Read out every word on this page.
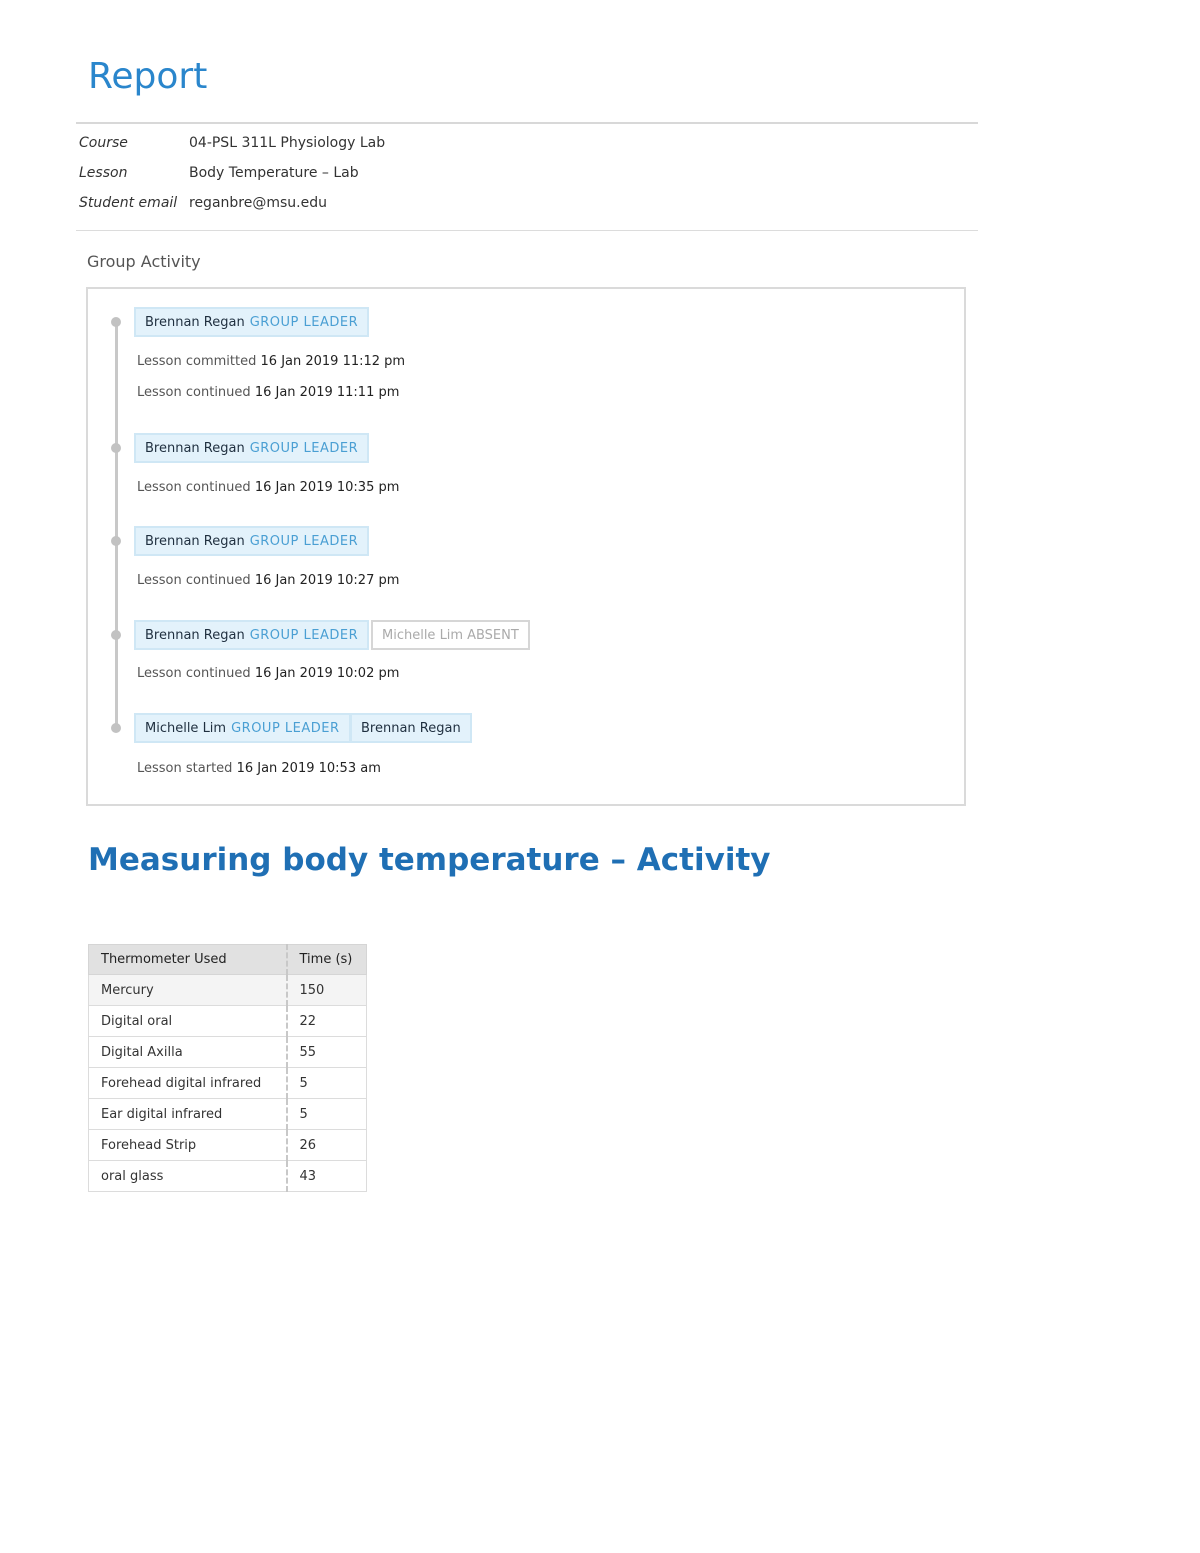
Report
Course	04-PSL 311L Physiology Lab
Lesson	Body Temperature – Lab
Student email reganbre@msu.edu
Group Activity
Brennan Regan GROUP LEADER
Lesson committed 16 Jan 2019 11:12 pm
Lesson continued 16 Jan 2019 11:11 pm
Brennan Regan GROUP LEADER
Lesson continued 16 Jan 2019 10:35 pm
Brennan Regan GROUP LEADER
Lesson continued 16 Jan 2019 10:27 pm
Brennan Regan GROUP LEADER Michelle Lim ABSENT
Lesson continued 16 Jan 2019 10:02 pm
Michelle Lim GROUP LEADER Brennan Regan
Lesson started 16 Jan 2019 10:53 am
Measuring body temperature – Activity
Thermometer Used	Time (s)
Mercury	150
Digital oral	22
Digital Axilla	55
Forehead digital infrared	5
Ear digital infrared	5
Forehead Strip	26
oral glass	43
